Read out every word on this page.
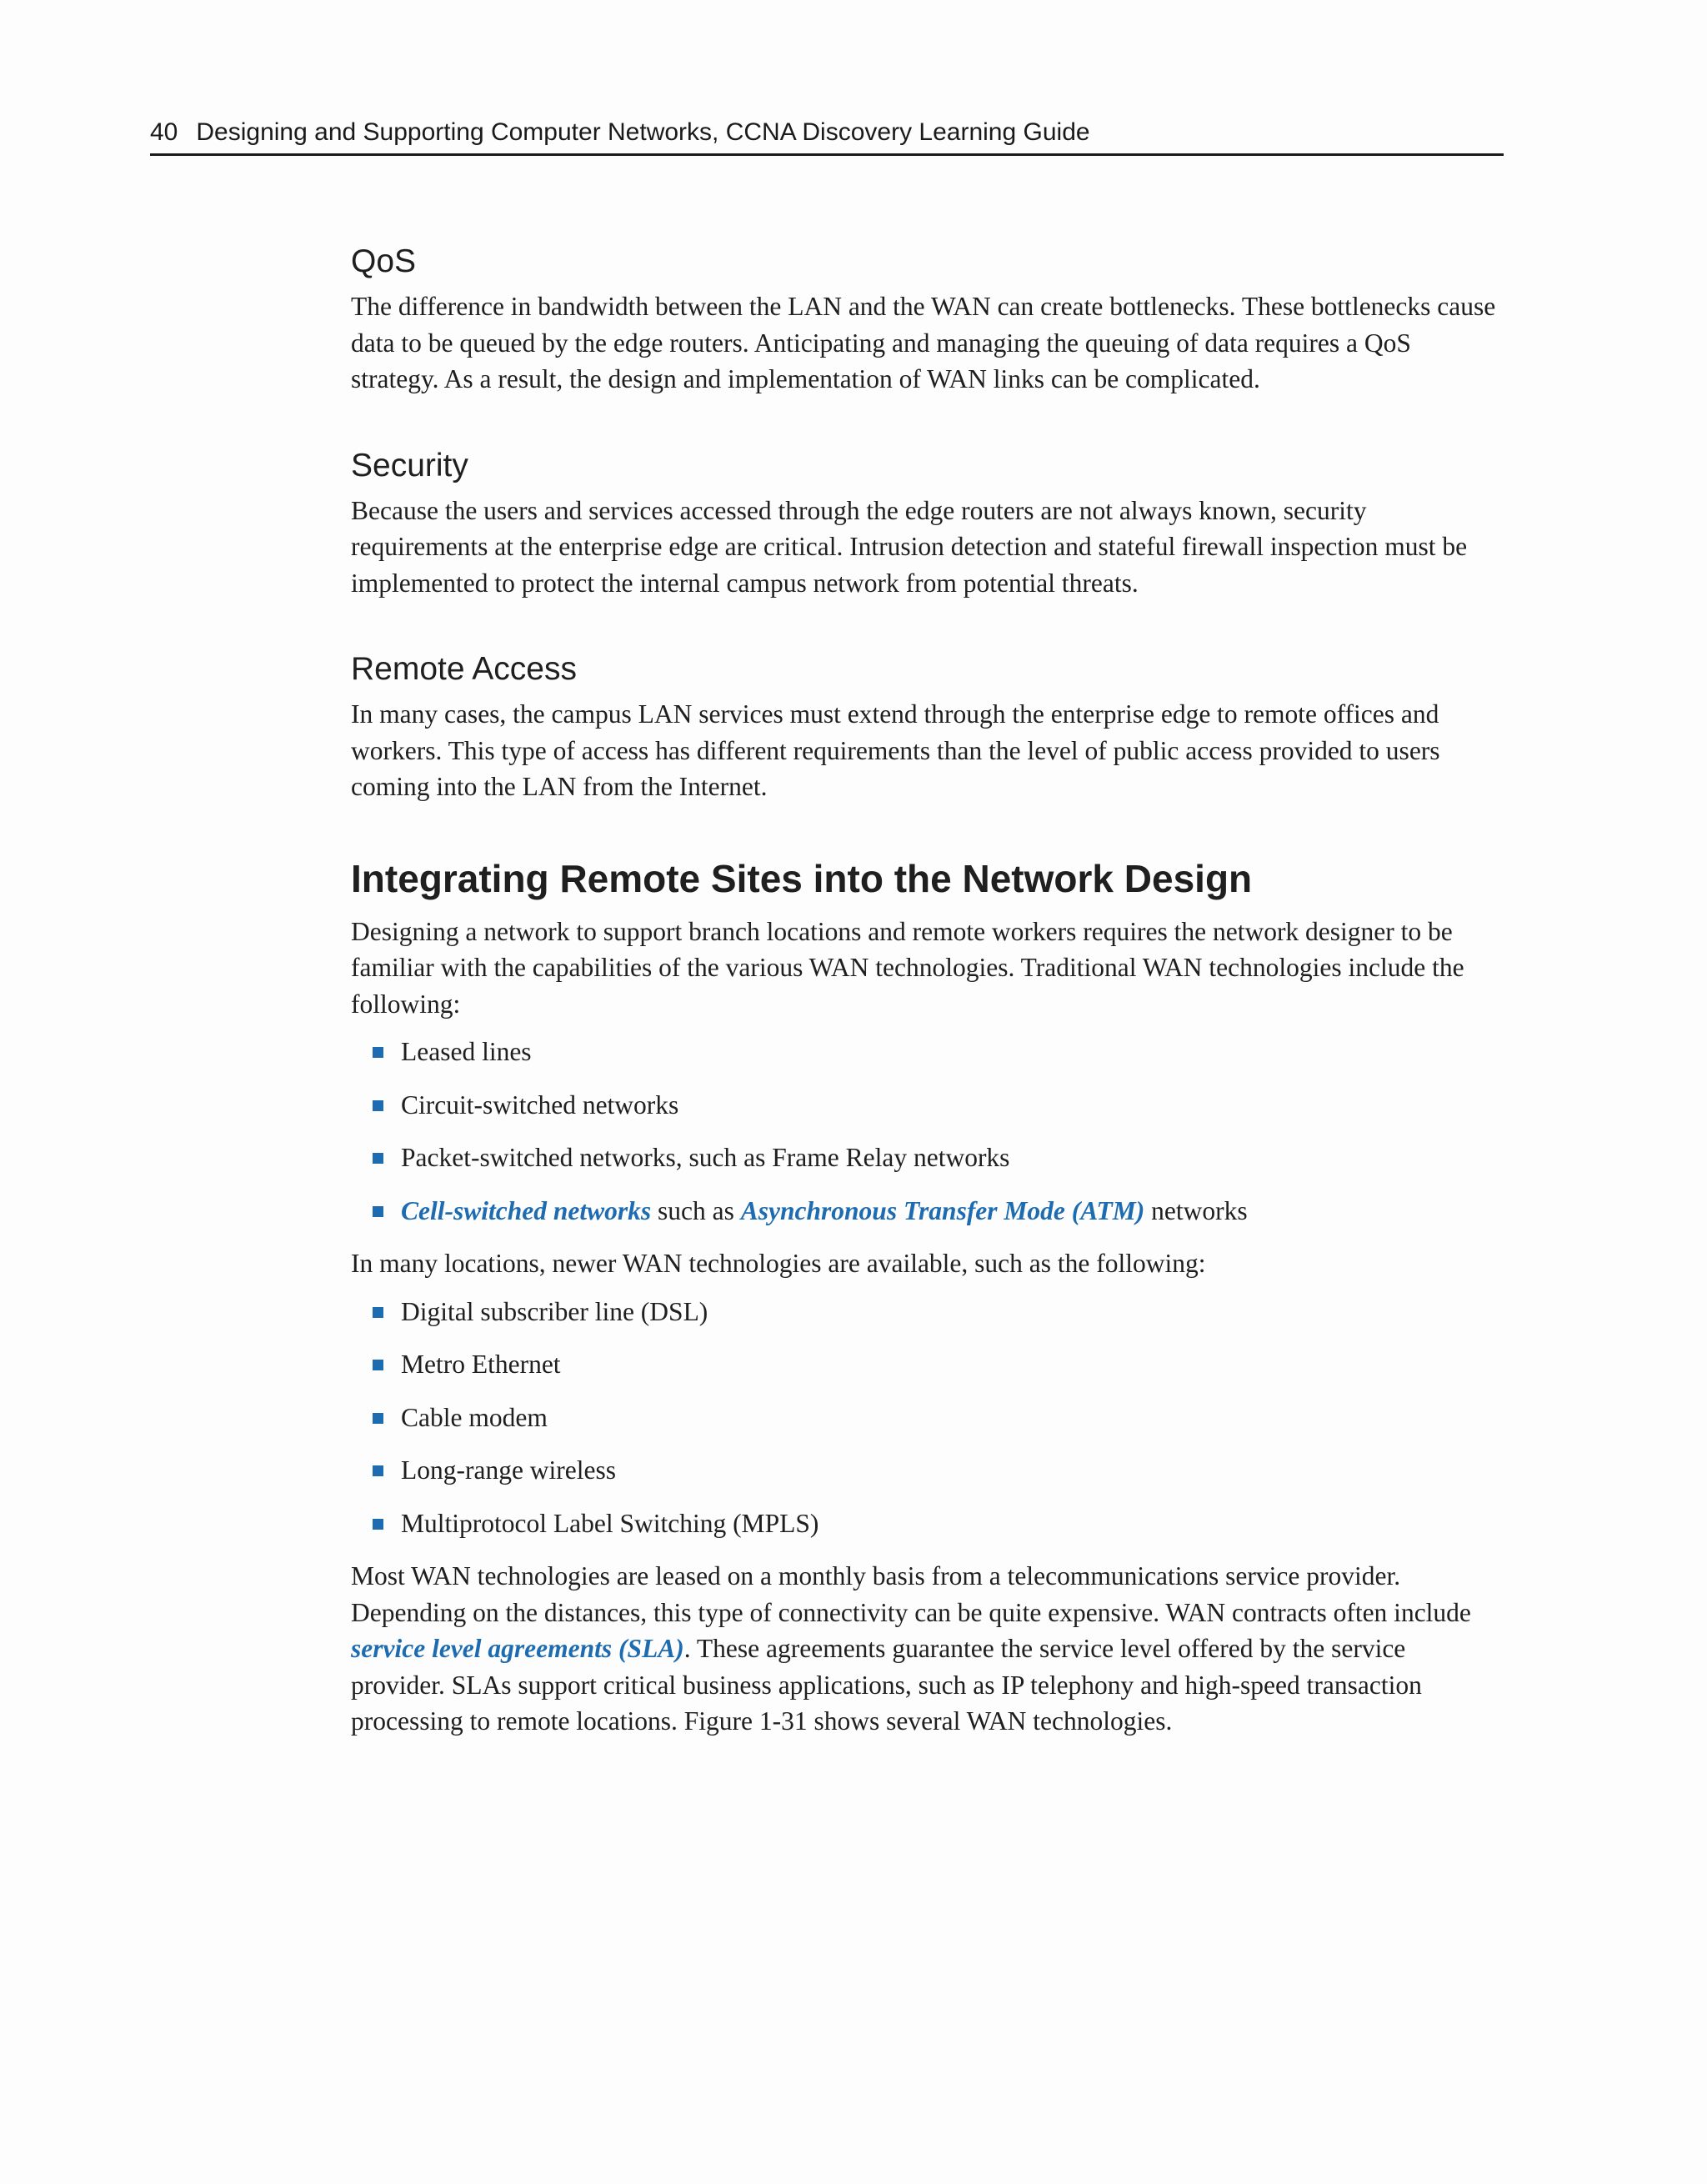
40 Designing and Supporting Computer Networks, CCNA Discovery Learning Guide
QoS

The difference in bandwidth between the LAN and the WAN can create bottlenecks. These bottlenecks cause data to be queued by the edge routers. Anticipating and managing the queuing of data requires a QoS strategy. As a result, the design and implementation of WAN links can be complicated.

Security

Because the users and services accessed through the edge routers are not always known, security requirements at the enterprise edge are critical. Intrusion detection and stateful firewall inspection must be implemented to protect the internal campus network from potential threats.

Remote Access

In many cases, the campus LAN services must extend through the enterprise edge to remote offices and workers. This type of access has different requirements than the level of public access provided to users coming into the LAN from the Internet.

Integrating Remote Sites into the Network Design

Designing a network to support branch locations and remote workers requires the network designer to be familiar with the capabilities of the various WAN technologies. Traditional WAN technologies include the following:

Leased lines
Circuit-switched networks
Packet-switched networks, such as Frame Relay networks
Cell-switched networks such as Asynchronous Transfer Mode (ATM) networks

In many locations, newer WAN technologies are available, such as the following:

Digital subscriber line (DSL)
Metro Ethernet
Cable modem
Long-range wireless
Multiprotocol Label Switching (MPLS)

Most WAN technologies are leased on a monthly basis from a telecommunications service provider. Depending on the distances, this type of connectivity can be quite expensive. WAN contracts often include service level agreements (SLA). These agreements guarantee the service level offered by the service provider. SLAs support critical business applications, such as IP telephony and high-speed transaction processing to remote locations. Figure 1-31 shows several WAN technologies.
